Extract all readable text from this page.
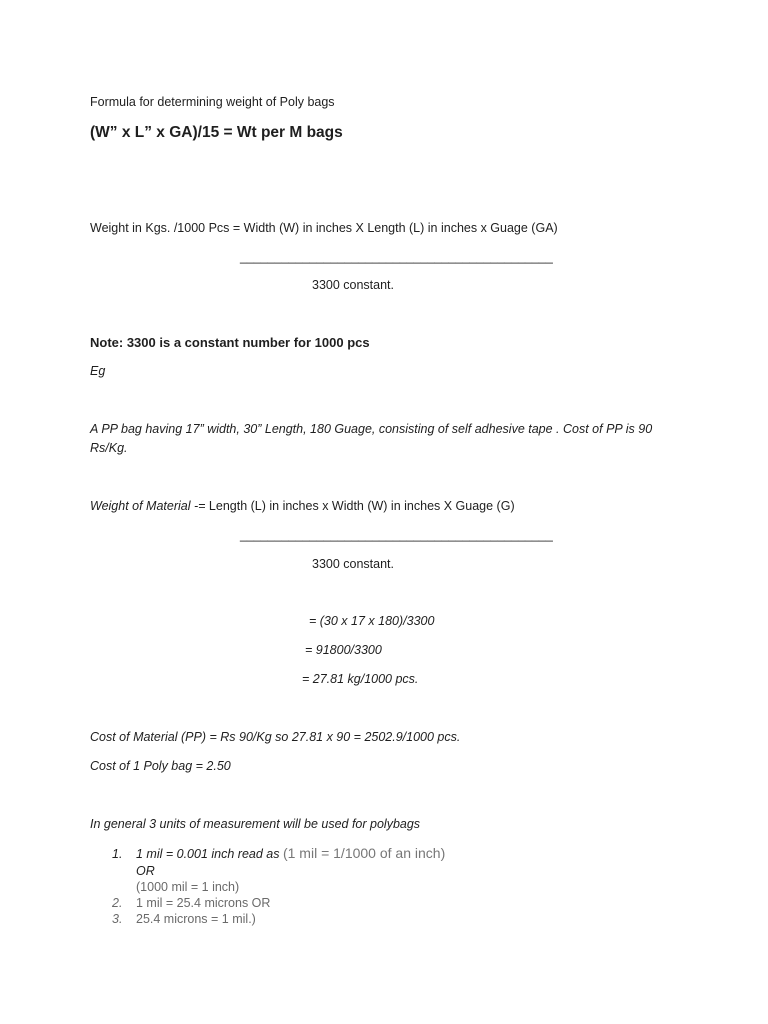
Formula for determining weight of Poly bags
(W” x L” x GA)/15 = Wt per M bags
Weight in Kgs. /1000 Pcs = Width (W) in inches X Length (L) in inches x Guage (GA)
_____________________________________________
3300 constant.
Note: 3300 is a constant number for 1000 pcs
Eg
A PP bag having 17” width, 30” Length, 180 Guage, consisting of self adhesive tape . Cost of PP is 90 Rs/Kg.
Weight of Material -= Length (L) in inches x Width (W) in inches X Guage (G)
_____________________________________________
3300 constant.
= (30 x 17 x 180)/3300
= 91800/3300
= 27.81 kg/1000 pcs.
Cost of Material (PP) = Rs 90/Kg so 27.81 x 90 = 2502.9/1000 pcs.
Cost of 1 Poly bag = 2.50
In general 3 units of measurement will be used for polybags
1. 1 mil = 0.001 inch read as (1 mil = 1/1000 of an inch)
OR
(1000 mil = 1 inch)
2. 1 mil = 25.4 microns OR
3. 25.4 microns = 1 mil.)
